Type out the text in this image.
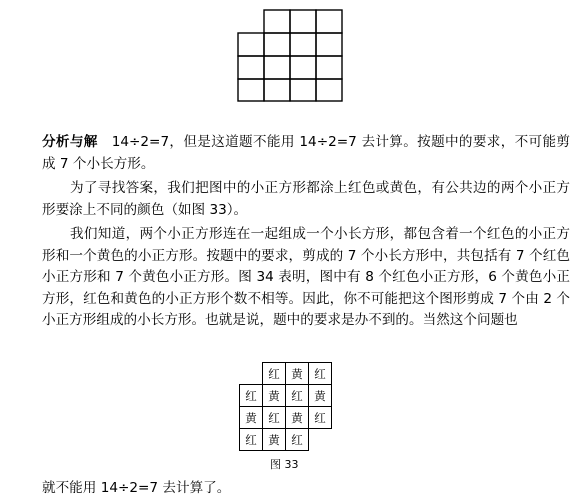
分析与解 14÷2=7，但是这道题不能用 14÷2=7 去计算。按题中的要求，不可能剪成 7 个小长方形。

为了寻找答案，我们把图中的小正方形都涂上红色或黄色，有公共边的两个小正方形要涂上不同的颜色（如图 33）。

我们知道，两个小正方形连在一起组成一个小长方形，都包含着一个红色的小正方形和一个黄色的小正方形。按题中的要求，剪成的 7 个小长方形中，共包括有 7 个红色小正方形和 7 个黄色小正方形。图 34 表明，图中有 8 个红色小正方形，6 个黄色小正方形，红色和黄色的小正方形个数不相等。因此，你不可能把这个图形剪成 7 个由 2 个小正方形组成的小长方形。也就是说，题中的要求是办不到的。当然这个问题也

	红	黄	红
红	黄	红	黄
黄	红	黄	红
红	黄	红	
图 33
就不能用 14÷2=7 去计算了。
